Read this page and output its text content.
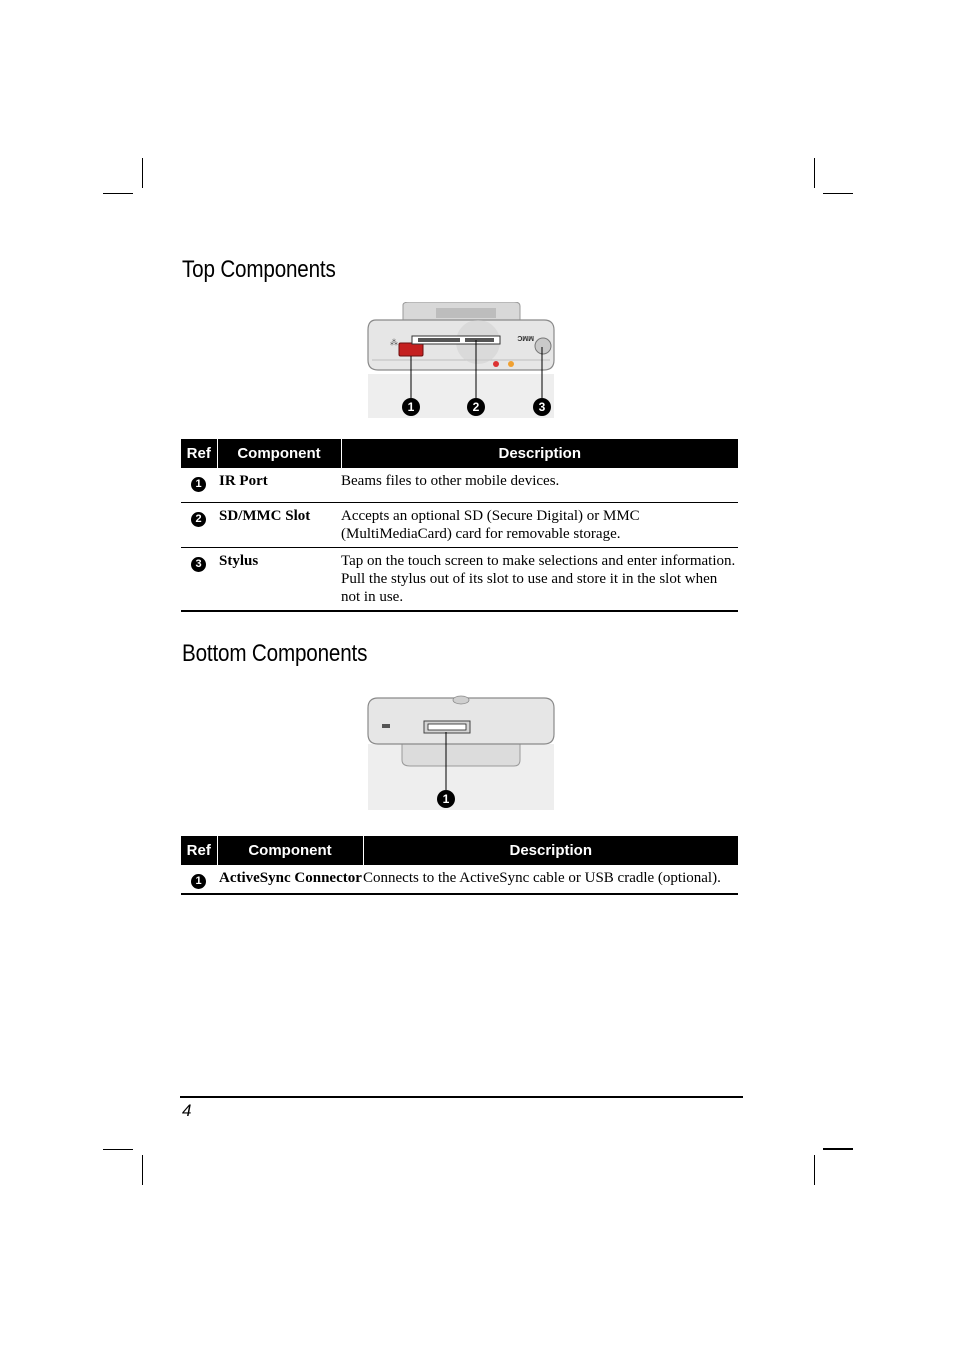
Top Components
⁂
MMC
1	2	3
Ref	Component	Description
1	IR Port	Beams files to other mobile devices.
2	SD/MMC Slot	Accepts an optional SD (Secure Digital) or MMC (MultiMediaCard) card for removable storage.
3	Stylus	Tap on the touch screen to make selections and enter information. Pull the stylus out of its slot to use and store it in the slot when not in use.
Bottom Components
1
Ref	Component	Description
1	ActiveSync Connector	Connects to the ActiveSync cable or USB cradle (optional).
4
